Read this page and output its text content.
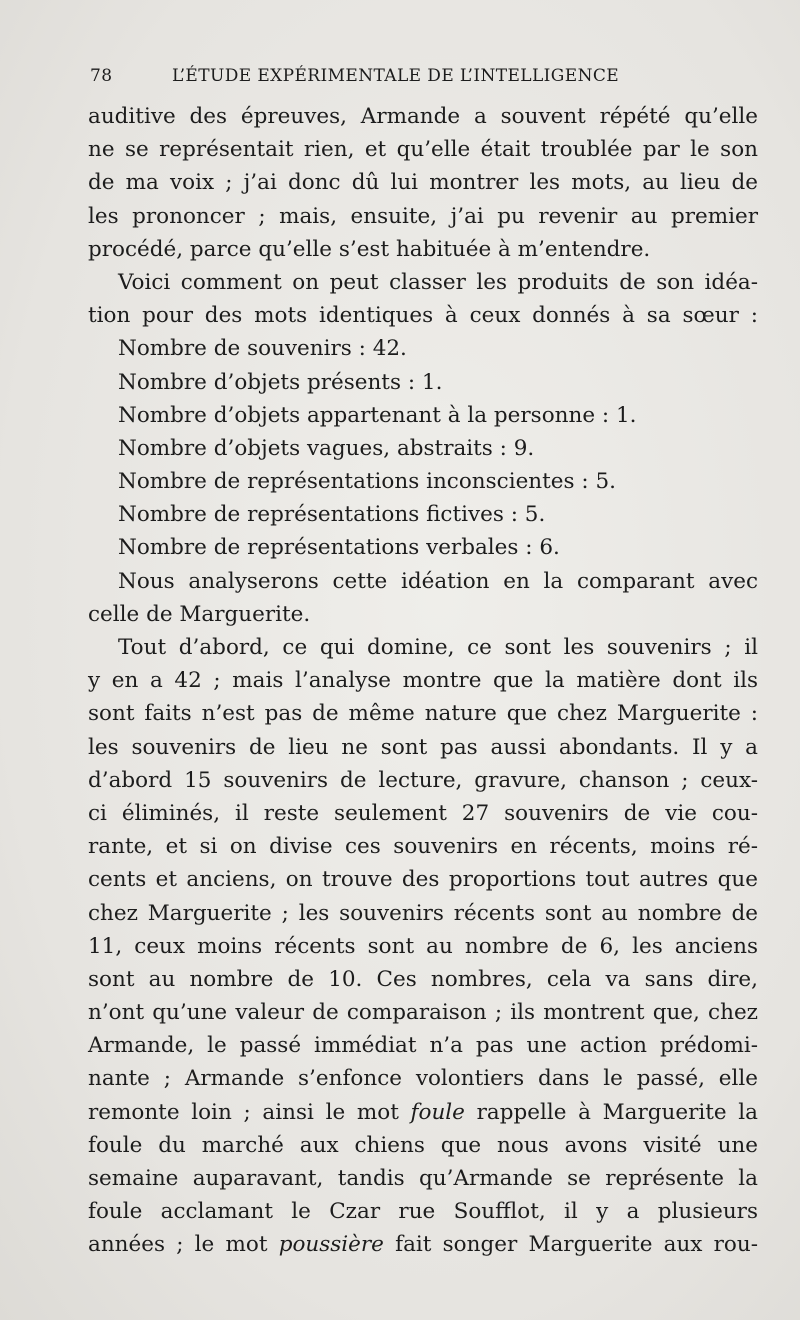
78	L’ÉTUDE EXPÉRIMENTALE DE L’INTELLIGENCE
auditive des épreuves, Armande a souvent répété qu’elle
ne se représentait rien, et qu’elle était troublée par le son
de ma voix ; j’ai donc dû lui montrer les mots, au lieu de
les prononcer ; mais, ensuite, j’ai pu revenir au premier
procédé, parce qu’elle s’est habituée à m’entendre.
Voici comment on peut classer les produits de son idéa-
tion pour des mots identiques à ceux donnés à sa sœur :
Nombre de souvenirs : 42.
Nombre d’objets présents : 1.
Nombre d’objets appartenant à la personne : 1.
Nombre d’objets vagues, abstraits : 9.
Nombre de représentations inconscientes : 5.
Nombre de représentations fictives : 5.
Nombre de représentations verbales : 6.
Nous analyserons cette idéation en la comparant avec
celle de Marguerite.
Tout d’abord, ce qui domine, ce sont les souvenirs ; il
y en a 42 ; mais l’analyse montre que la matière dont ils
sont faits n’est pas de même nature que chez Marguerite :
les souvenirs de lieu ne sont pas aussi abondants. Il y a
d’abord 15 souvenirs de lecture, gravure, chanson ; ceux-
ci éliminés, il reste seulement 27 souvenirs de vie cou-
rante, et si on divise ces souvenirs en récents, moins ré-
cents et anciens, on trouve des proportions tout autres que
chez Marguerite ; les souvenirs récents sont au nombre de
11, ceux moins récents sont au nombre de 6, les anciens
sont au nombre de 10. Ces nombres, cela va sans dire,
n’ont qu’une valeur de comparaison ; ils montrent que, chez
Armande, le passé immédiat n’a pas une action prédomi-
nante ; Armande s’enfonce volontiers dans le passé, elle
remonte loin ; ainsi le mot foule rappelle à Marguerite la
foule du marché aux chiens que nous avons visité une
semaine auparavant, tandis qu’Armande se représente la
foule acclamant le Czar rue Soufflot, il y a plusieurs
années ; le mot poussière fait songer Marguerite aux rou-
